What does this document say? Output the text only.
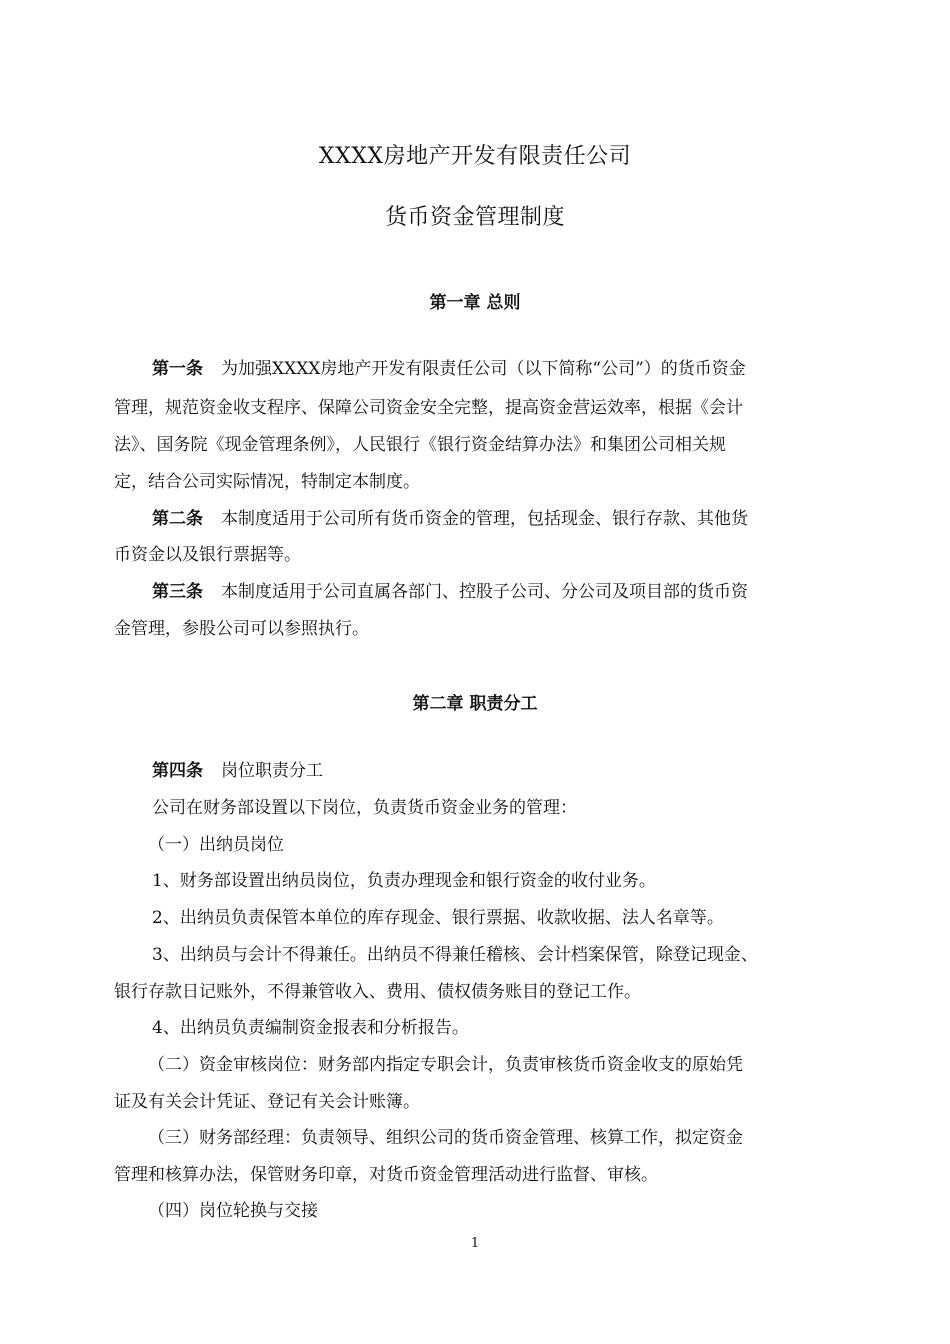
XXXX房地产开发有限责任公司
货币资金管理制度
第一章 总则

第一条 为加强XXXX房地产开发有限责任公司（以下简称“公司”）的货币资金

管理，规范资金收支程序、保障公司资金安全完整，提高资金营运效率，根据《会计

法》、国务院《现金管理条例》，人民银行《银行资金结算办法》和集团公司相关规

定，结合公司实际情况，特制定本制度。

第二条 本制度适用于公司所有货币资金的管理，包括现金、银行存款、其他货

币资金以及银行票据等。

第三条 本制度适用于公司直属各部门、控股子公司、分公司及项目部的货币资

金管理，参股公司可以参照执行。

第二章 职责分工

第四条 岗位职责分工

公司在财务部设置以下岗位，负责货币资金业务的管理：

（一）出纳员岗位

1、财务部设置出纳员岗位，负责办理现金和银行资金的收付业务。

2、出纳员负责保管本单位的库存现金、银行票据、收款收据、法人名章等。

3、出纳员与会计不得兼任。出纳员不得兼任稽核、会计档案保管，除登记现金、

银行存款日记账外，不得兼管收入、费用、债权债务账目的登记工作。

4、出纳员负责编制资金报表和分析报告。

（二）资金审核岗位：财务部内指定专职会计，负责审核货币资金收支的原始凭

证及有关会计凭证、登记有关会计账簿。

（三）财务部经理：负责领导、组织公司的货币资金管理、核算工作，拟定资金

管理和核算办法，保管财务印章，对货币资金管理活动进行监督、审核。

（四）岗位轮换与交接

1
